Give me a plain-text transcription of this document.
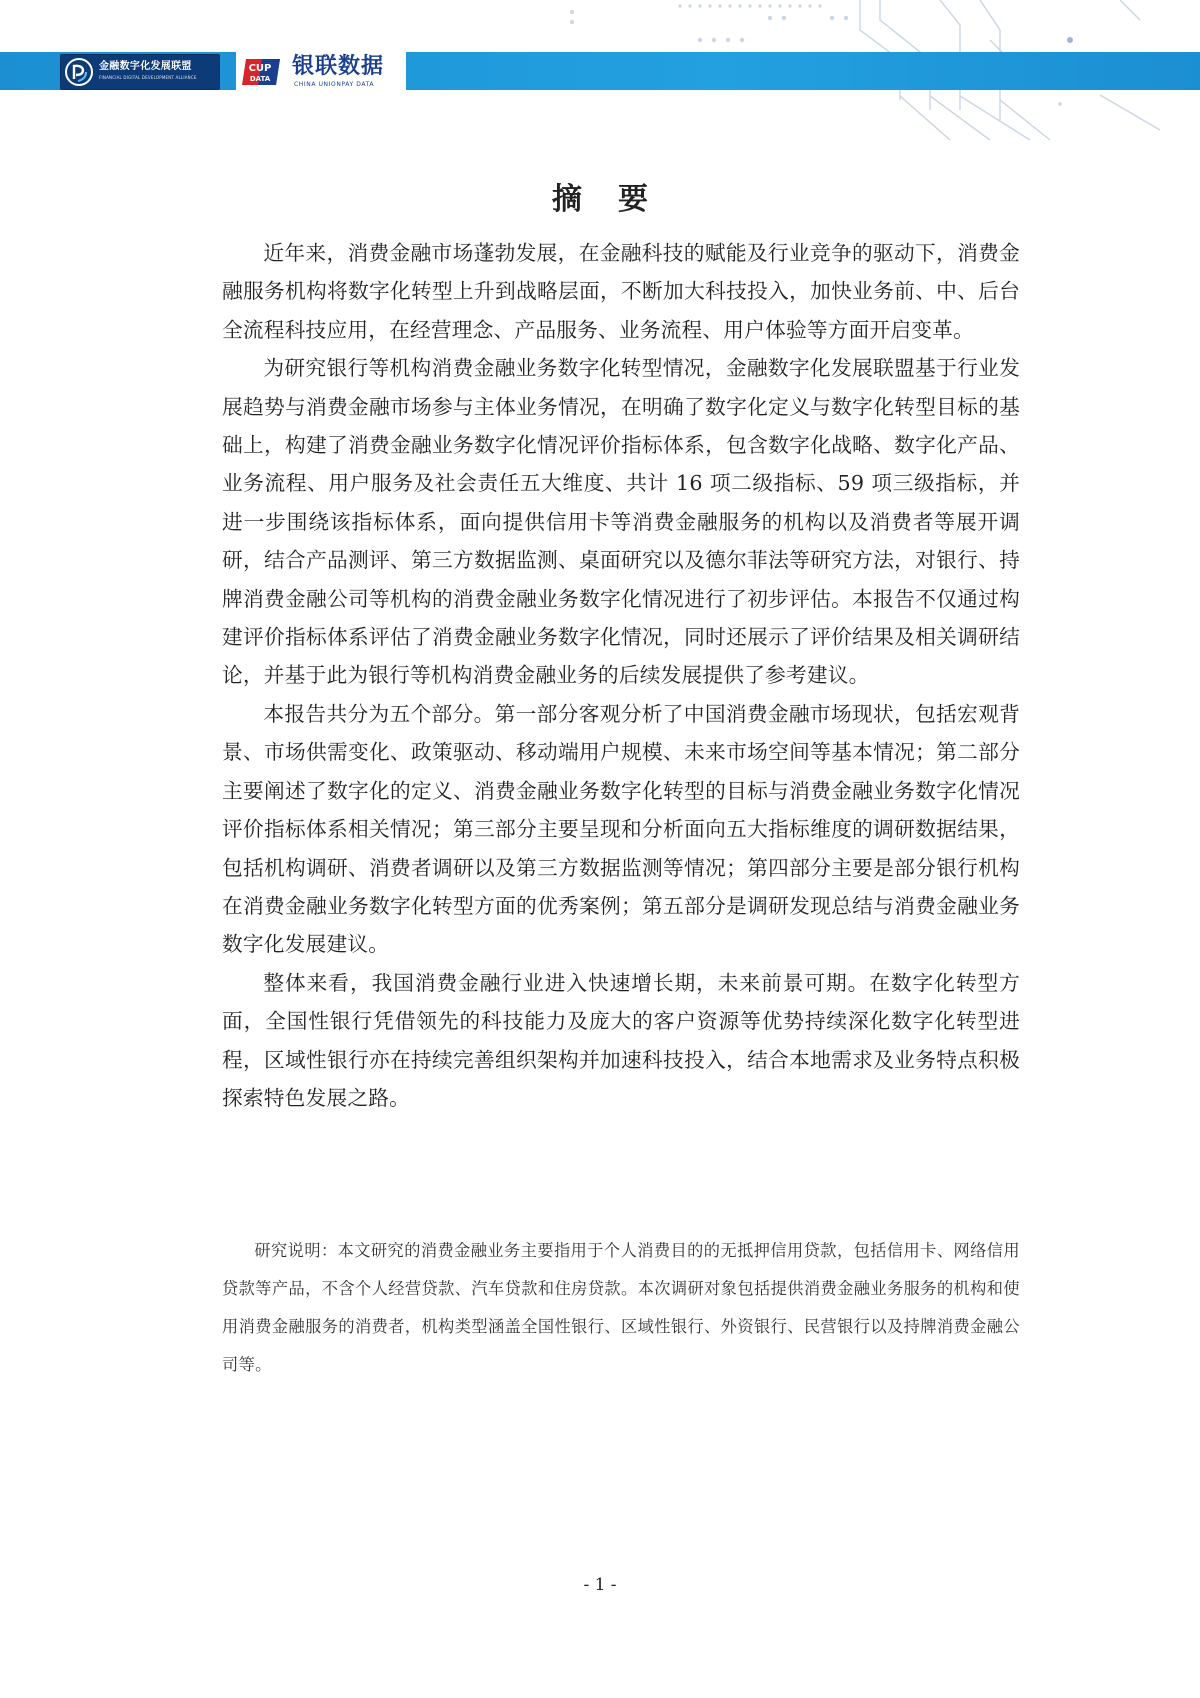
金融数字化发展联盟
FINANCIAL DIGITAL DEVELOPMENT ALLIANCE
CUP
DATA 银联数据
CHINA UNIONPAY DATA
摘要

近年来，消费金融市场蓬勃发展，在金融科技的赋能及行业竞争的驱动下，消费金融服务机构将数字化转型上升到战略层面，不断加大科技投入，加快业务前、中、后台全流程科技应用，在经营理念、产品服务、业务流程、用户体验等方面开启变革。

为研究银行等机构消费金融业务数字化转型情况，金融数字化发展联盟基于行业发展趋势与消费金融市场参与主体业务情况，在明确了数字化定义与数字化转型目标的基础上，构建了消费金融业务数字化情况评价指标体系，包含数字化战略、数字化产品、业务流程、用户服务及社会责任五大维度、共计 16 项二级指标、59 项三级指标，并进一步围绕该指标体系，面向提供信用卡等消费金融服务的机构以及消费者等展开调研，结合产品测评、第三方数据监测、桌面研究以及德尔菲法等研究方法，对银行、持牌消费金融公司等机构的消费金融业务数字化情况进行了初步评估。本报告不仅通过构建评价指标体系评估了消费金融业务数字化情况，同时还展示了评价结果及相关调研结论，并基于此为银行等机构消费金融业务的后续发展提供了参考建议。

本报告共分为五个部分。第一部分客观分析了中国消费金融市场现状，包括宏观背景、市场供需变化、政策驱动、移动端用户规模、未来市场空间等基本情况；第二部分主要阐述了数字化的定义、消费金融业务数字化转型的目标与消费金融业务数字化情况评价指标体系相关情况；第三部分主要呈现和分析面向五大指标维度的调研数据结果，包括机构调研、消费者调研以及第三方数据监测等情况；第四部分主要是部分银行机构在消费金融业务数字化转型方面的优秀案例；第五部分是调研发现总结与消费金融业务数字化发展建议。

整体来看，我国消费金融行业进入快速增长期，未来前景可期。在数字化转型方面，全国性银行凭借领先的科技能力及庞大的客户资源等优势持续深化数字化转型进程，区域性银行亦在持续完善组织架构并加速科技投入，结合本地需求及业务特点积极探索特色发展之路。

研究说明：本文研究的消费金融业务主要指用于个人消费目的的无抵押信用贷款，包括信用卡、网络信用贷款等产品，不含个人经营贷款、汽车贷款和住房贷款。本次调研对象包括提供消费金融业务服务的机构和使用消费金融服务的消费者，机构类型涵盖全国性银行、区域性银行、外资银行、民营银行以及持牌消费金融公司等。

- 1 -
